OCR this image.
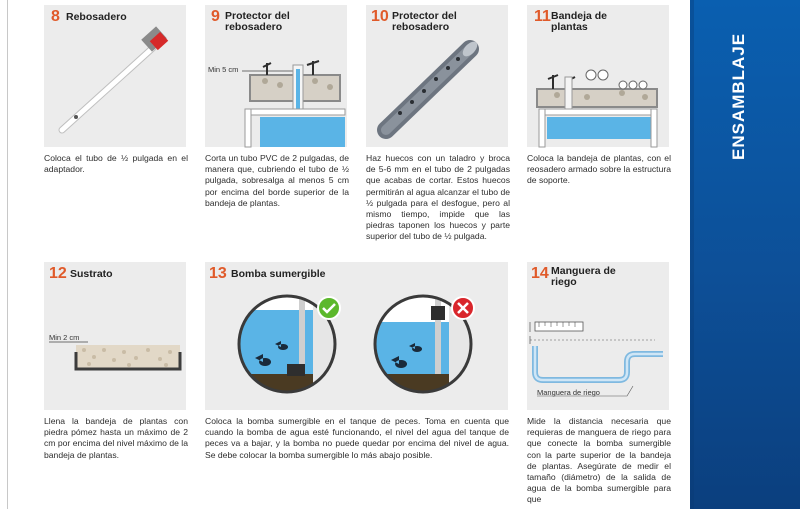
8 Rebosadero
Coloca el tubo de ½ pulgada en el adaptador.
9 Protector del
rebosadero
Min 5 cm
Corta un tubo PVC de 2 pulgadas, de manera que, cubriendo el tubo de ½ pulgada, sobresalga al menos 5 cm por encima del borde superior de la bandeja de plantas.
10 Protector del
rebosadero
Haz huecos con un taladro y broca de 5-6 mm en el tubo de 2 pulgadas que acabas de cortar. Estos huecos permitirán al agua alcanzar el tubo de ½ pulgada para el desfogue, pero al mismo tiempo, impide que las piedras taponen los huecos y parte superior del tubo de ½ pulgada.
11 Bandeja de
plantas
Coloca la bandeja de plantas, con el reosadero armado sobre la estructura de soporte.
12 Sustrato
Min 2 cm
Llena la bandeja de plantas con piedra pómez hasta un máximo de 2 cm por encima del nivel máximo de la bandeja de plantas.
13 Bomba sumergible
Coloca la bomba sumergible en el tanque de peces. Toma en cuenta que cuando la bomba de agua esté funcionando, el nivel del agua del tanque de peces va a bajar, y la bomba no puede quedar por encima del nivel de agua. Se debe colocar la bomba sumergible lo más abajo posible.
14 Manguera de
riego
Manguera de riego
Mide la distancia necesaria que requieras de manguera de riego para que conecte la bomba sumergible con la parte superior de la bandeja de plantas. Asegúrate de medir el tamaño (diámetro) de la salida de agua de la bomba sumergible para que
